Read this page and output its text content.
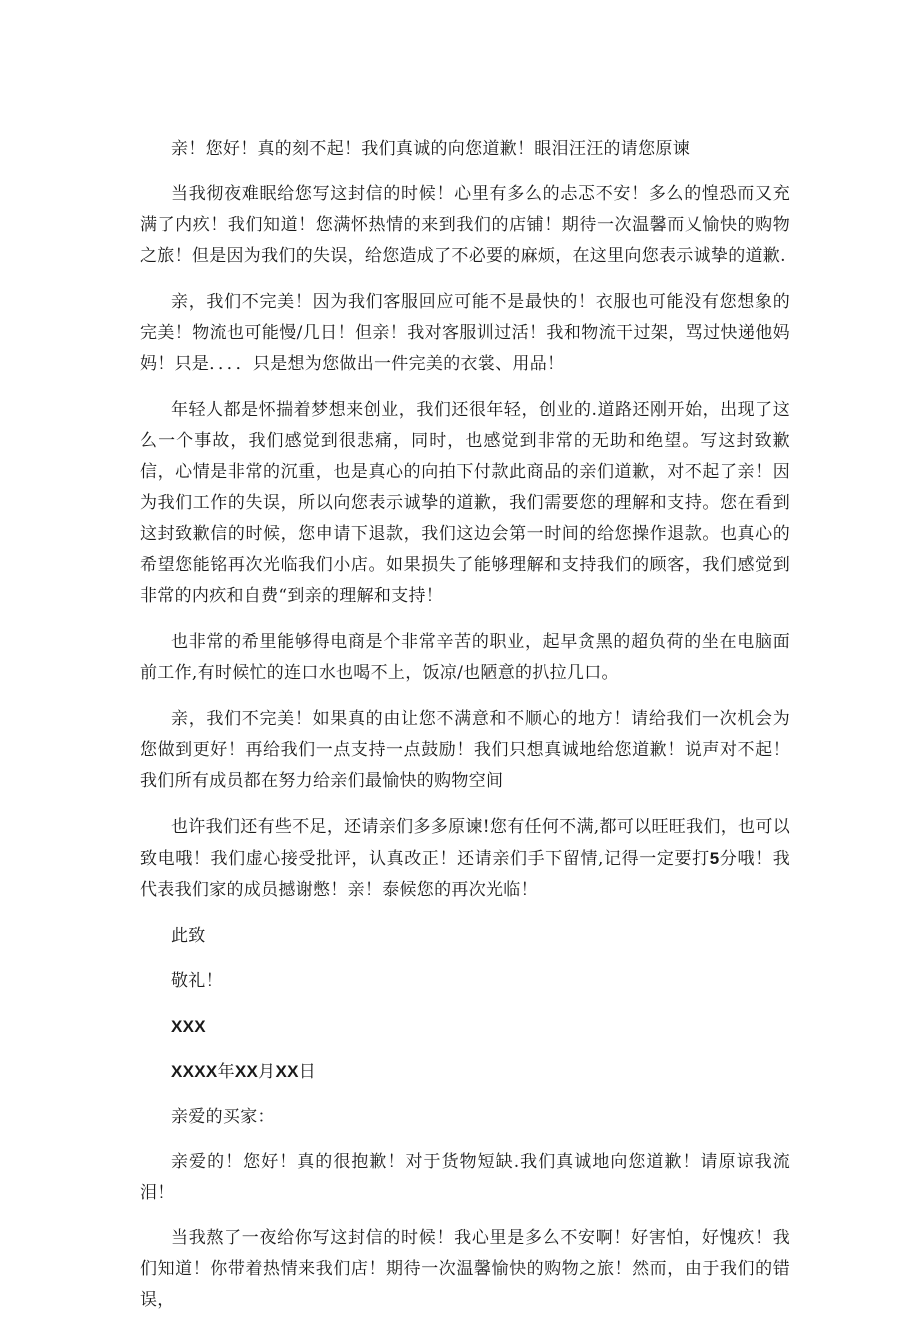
亲！您好！真的刻不起！我们真诚的向您道歉！眼泪汪汪的请您原谏

当我彻夜难眠给您写这封信的时候！心里有多么的忐忑不安！多么的惶恐而又充满了内疚！我们知道！您满怀热情的来到我们的店铺！期待一次温馨而乂愉快的购物之旅！但是因为我们的失误，给您造成了不必要的麻烦，在这里向您表示诚挚的道歉.

亲，我们不完美！因为我们客服回应可能不是最快的！衣服也可能没有您想象的完美！物流也可能慢/几日！但亲！我对客服训过活！我和物流干过架，骂过快递他妈妈！只是．．．．只是想为您做出一件完美的衣裳、用品！

年轻人都是怀揣着梦想来创业，我们还很年轻，创业的.道路还刚开始，出现了这么一个事故，我们感觉到很悲痛，同时，也感觉到非常的无助和绝望。写这封致歉信，心情是非常的沉重，也是真心的向拍下付款此商品的亲们道歉，对不起了亲！因为我们工作的失误，所以向您表示诚挚的道歉，我们需要您的理解和支持。您在看到这封致歉信的时候，您申请下退款，我们这边会第一时间的给您操作退款。也真心的希望您能铭再次光临我们小店。如果损失了能够理解和支持我们的顾客，我们感觉到非常的内疚和自费“到亲的理解和支持！

也非常的希里能够得电商是个非常辛苦的职业，起早贪黑的超负荷的坐在电脑面前工作,有时候忙的连口水也喝不上，饭凉/也陋意的扒拉几口。

亲，我们不完美！如果真的由让您不满意和不顺心的地方！请给我们一次机会为您做到更好！再给我们一点支持一点鼓励！我们只想真诚地给您道歉！说声对不起！我们所有成员都在努力给亲们最愉快的购物空间

也许我们还有些不足，还请亲们多多原谏!您有任何不满,都可以旺旺我们，也可以致电哦！我们虚心接受批评，认真改正！还请亲们手下留情,记得一定要打5分哦！我代表我们家的成员撼谢憋！亲！泰候您的再次光临！

此致

敬礼！

XXX

XXXX年XX月XX日

亲爱的买家：

亲爱的！您好！真的很抱歉！对于货物短缺.我们真诚地向您道歉！请原谅我流泪！

当我熬了一夜给你写这封信的时候！我心里是多么不安啊！好害怕，好愧疚！我们知道！你带着热情来我们店！期待一次温馨愉快的购物之旅！然而，由于我们的错误，
